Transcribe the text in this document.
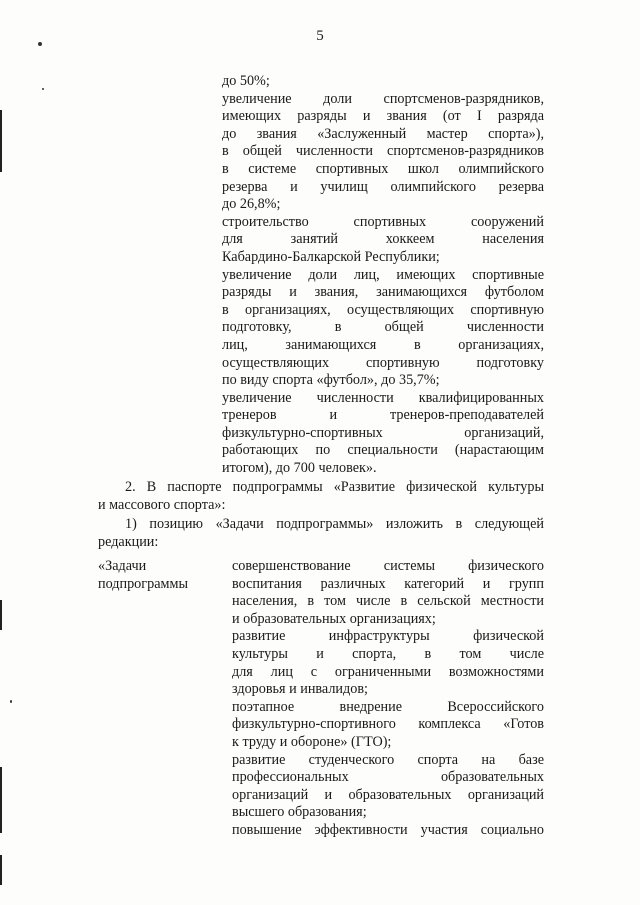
5
до 50%;
увеличение доли спортсменов-разрядников,
имеющих разряды и звания (от I разряда
до звания «Заслуженный мастер спорта»),
в общей численности спортсменов-разрядников
в системе спортивных школ олимпийского
резерва и училищ олимпийского резерва
до 26,8%;
строительство спортивных сооружений
для занятий хоккеем населения
Кабардино-Балкарской Республики;
увеличение доли лиц, имеющих спортивные
разряды и звания, занимающихся футболом
в организациях, осуществляющих спортивную
подготовку, в общей численности
лиц, занимающихся в организациях,
осуществляющих спортивную подготовку
по виду спорта «футбол», до 35,7%;
увеличение численности квалифицированных
тренеров и тренеров-преподавателей
физкультурно-спортивных организаций,
работающих по специальности (нарастающим
итогом), до 700 человек».
2. В паспорте подпрограммы «Развитие физической культуры
и массового спорта»:
1) позицию «Задачи подпрограммы» изложить в следующей
редакции:
«Задачи
подпрограммы
совершенствование системы физического
воспитания различных категорий и групп
населения, в том числе в сельской местности
и образовательных организациях;
развитие инфраструктуры физической
культуры и спорта, в том числе
для лиц с ограниченными возможностями
здоровья и инвалидов;
поэтапное внедрение Всероссийского
физкультурно-спортивного комплекса «Готов
к труду и обороне» (ГТО);
развитие студенческого спорта на базе
профессиональных образовательных
организаций и образовательных организаций
высшего образования;
повышение эффективности участия социально
